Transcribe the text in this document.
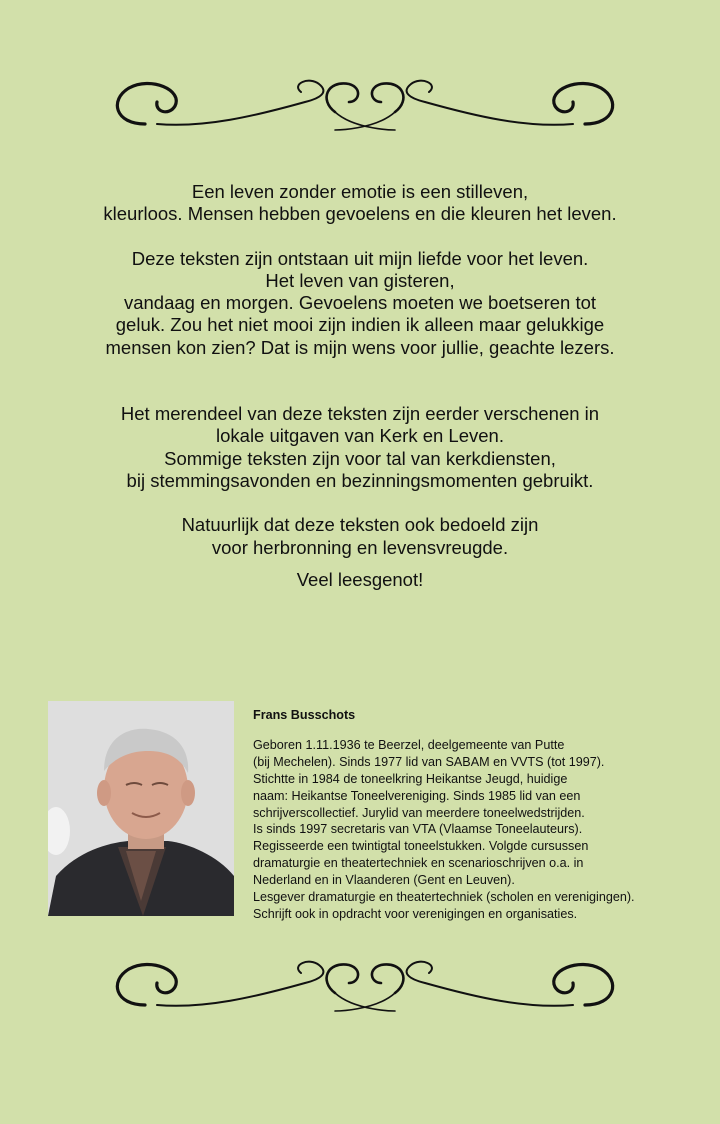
Een leven zonder emotie is een stilleven,
kleurloos. Mensen hebben gevoelens en die kleuren het leven.

Deze teksten zijn ontstaan uit mijn liefde voor het leven.
Het leven van gisteren,
vandaag en morgen. Gevoelens moeten we boetseren tot
geluk. Zou het niet mooi zijn indien ik alleen maar gelukkige
mensen kon zien? Dat is mijn wens voor jullie, geachte lezers.

Het merendeel van deze teksten zijn eerder verschenen in
lokale uitgaven van Kerk en Leven.
Sommige teksten zijn voor tal van kerkdiensten,
bij stemmingsavonden en bezinningsmomenten gebruikt.

Natuurlijk dat deze teksten ook bedoeld zijn
voor herbronning en levensvreugde.

Veel leesgenot!

Frans Busschots

Geboren 1.11.1936 te Beerzel, deelgemeente van Putte
(bij Mechelen). Sinds 1977 lid van SABAM en VVTS (tot 1997).
Stichtte in 1984 de toneelkring Heikantse Jeugd, huidige
naam: Heikantse Toneelvereniging. Sinds 1985 lid van een
schrijverscollectief. Jurylid van meerdere toneelwedstrijden.
Is sinds 1997 secretaris van VTA (Vlaamse Toneelauteurs).
Regisseerde een twintigtal toneelstukken. Volgde cursussen
dramaturgie en theatertechniek en scenarioschrijven o.a. in
Nederland en in Vlaanderen (Gent en Leuven).
Lesgever dramaturgie en theatertechniek (scholen en verenigingen).
Schrijft ook in opdracht voor verenigingen en organisaties.
